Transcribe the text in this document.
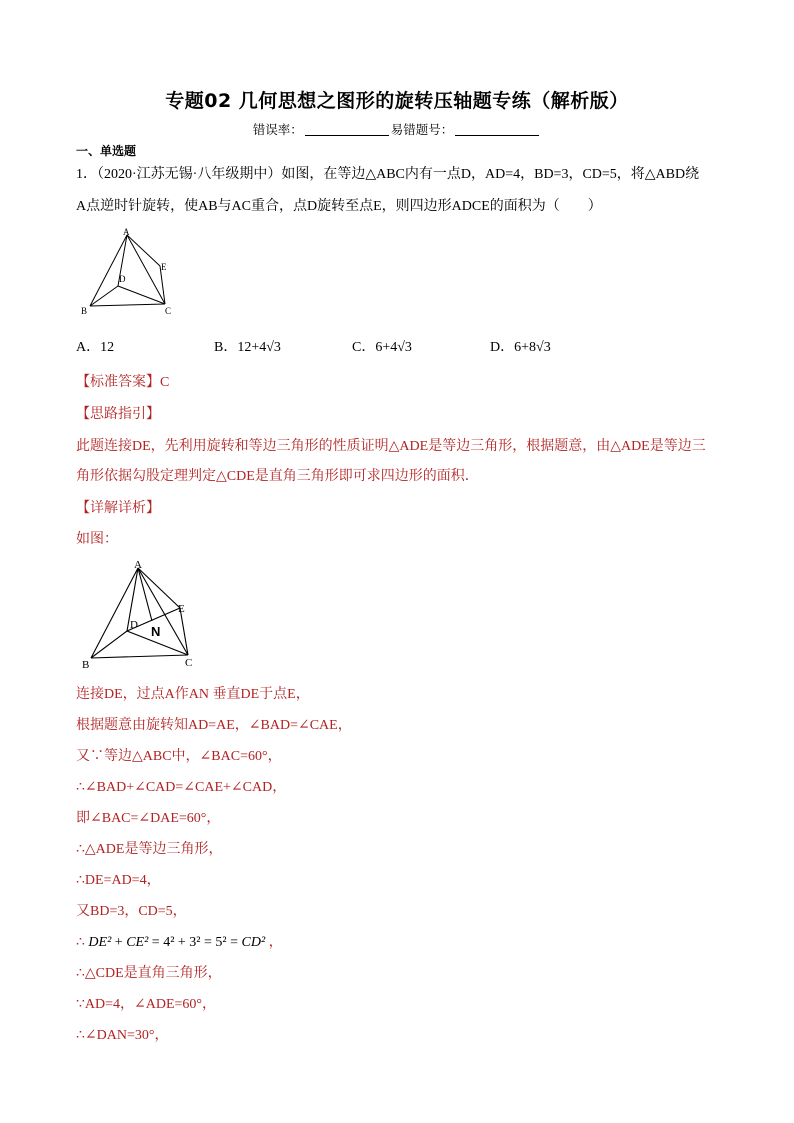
专题02 几何思想之图形的旋转压轴题专练（解析版）
错误率：	易错题号：
一、单选题
1．（2020·江苏无锡·八年级期中）如图，在等边△ABC内有一点D，AD=4，BD=3，CD=5，将△ABD绕
A点逆时针旋转，使AB与AC重合，点D旋转至点E，则四边形ADCE的面积为（　　）
A
B	C
D
E
A．12	B．12+4√3	C．6+4√3	D．6+8√3
【标准答案】C
【思路指引】
此题连接DE，先利用旋转和等边三角形的性质证明△ADE是等边三角形，根据题意，由△ADE是等边三角形依据勾股定理判定△CDE是直角三角形即可求四边形的面积．
【详解详析】
如图：
A
B	C
D
E
N
连接DE，过点A作AN 垂直DE于点E，
根据题意由旋转知AD=AE，∠BAD=∠CAE，
又∵等边△ABC中，∠BAC=60°，
∴∠BAD+∠CAD=∠CAE+∠CAD，
即∠BAC=∠DAE=60°，
∴△ADE是等边三角形，
∴DE=AD=4，
又BD=3，CD=5，
∴ DE² + CE² = 4² + 3² = 5² = CD² ，
∴△CDE是直角三角形，
∵AD=4，∠ADE=60°，
∴∠DAN=30°，
